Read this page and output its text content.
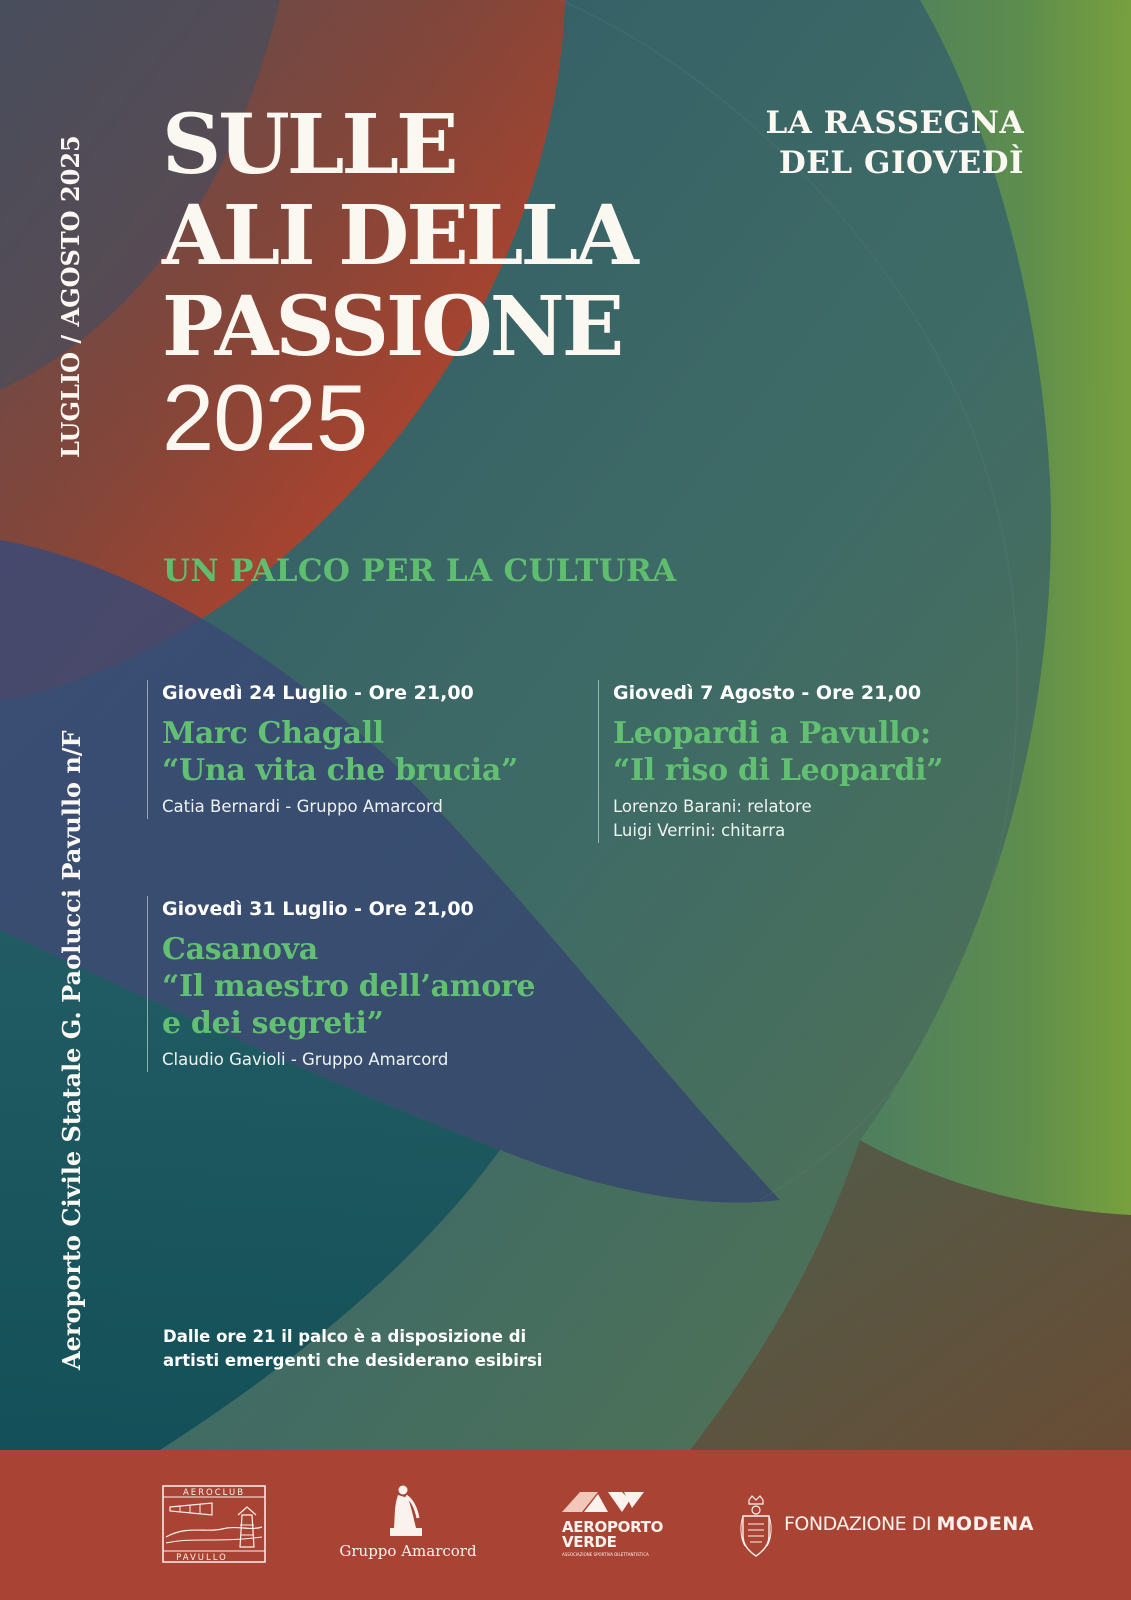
LUGLIO / AGOSTO 2025
Aeroporto Civile Statale G. Paolucci Pavullo n/F
SULLE
ALI DELLA
PASSIONE
2025
LA RASSEGNA
DEL GIOVEDÌ
UN PALCO PER LA CULTURA
Giovedì 24 Luglio - Ore 21,00
Marc Chagall
“Una vita che brucia”
Catia Bernardi - Gruppo Amarcord
Giovedì 7 Agosto - Ore 21,00
Leopardi a Pavullo:
“Il riso di Leopardi”
Lorenzo Barani: relatore
Luigi Verrini: chitarra
Giovedì 31 Luglio - Ore 21,00
Casanova
“Il maestro dell’amore
e dei segreti”
Claudio Gavioli - Gruppo Amarcord
Dalle ore 21 il palco è a disposizione di
artisti emergenti che desiderano esibirsi
AEROCLUB
PAVULLO	Gruppo Amarcord
AEROPORTO
VERDE
ASSOCIAZIONE SPORTIVA DILETTANTISTICA
FONDAZIONE DI MODENA
